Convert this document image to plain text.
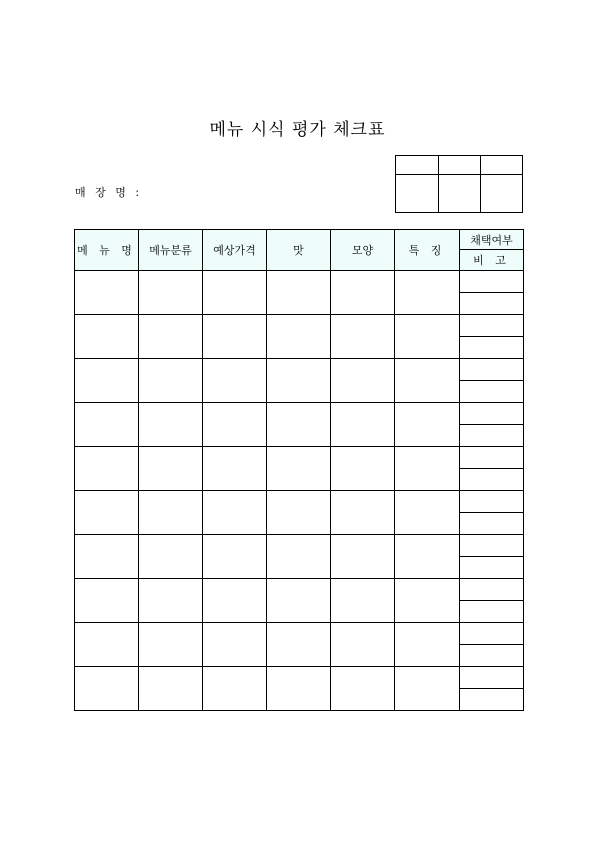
메뉴 시식 평가 체크표
매 장 명 :

메 뉴 명	메뉴분류	예상가격	맛	모양	특 징	채택여부
						비 고
